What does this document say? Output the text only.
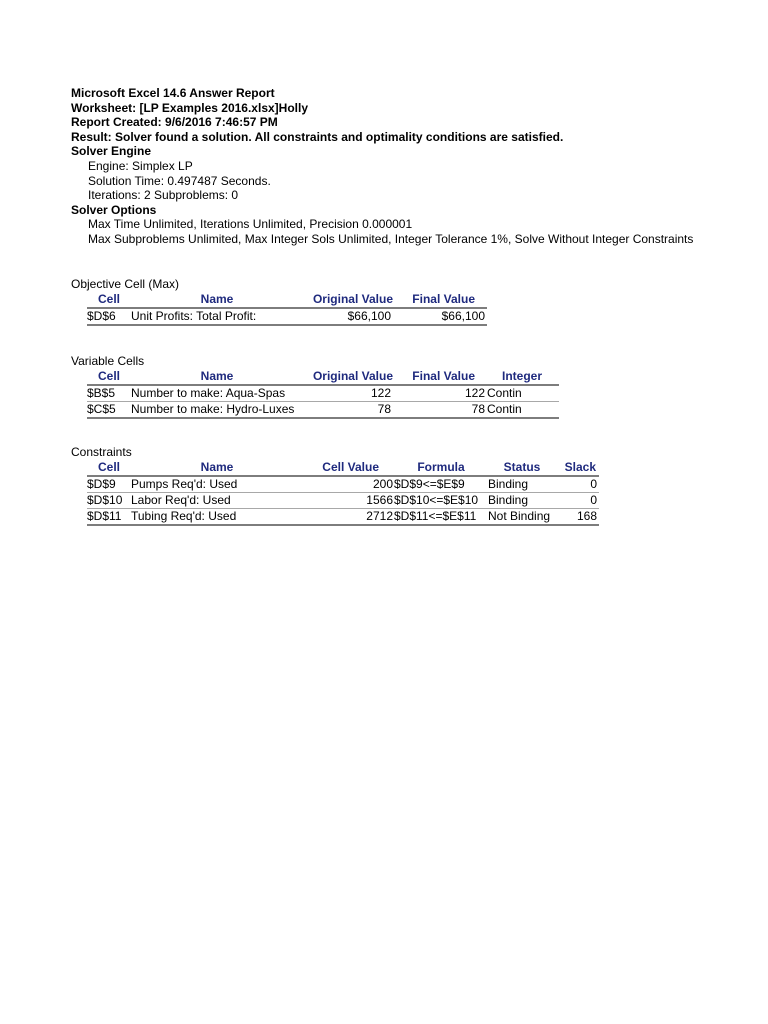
Microsoft Excel 14.6 Answer Report
Worksheet: [LP Examples 2016.xlsx]Holly
Report Created: 9/6/2016 7:46:57 PM
Result: Solver found a solution. All constraints and optimality conditions are satisfied.
Solver Engine
Engine: Simplex LP
Solution Time: 0.497487 Seconds.
Iterations: 2 Subproblems: 0
Solver Options
Max Time Unlimited, Iterations Unlimited, Precision 0.000001
Max Subproblems Unlimited, Max Integer Sols Unlimited, Integer Tolerance 1%, Solve Without Integer Constraints
Objective Cell (Max)
Cell	Name	Original Value	Final Value
$D$6	Unit Profits: Total Profit:	$66,100	$66,100
Variable Cells
Cell	Name	Original Value	Final Value	Integer
$B$5	Number to make: Aqua-Spas	122	122 Contin
$C$5	Number to make: Hydro-Luxes	78	78 Contin
Constraints
Cell	Name	Cell Value	Formula	Status	Slack
$D$9	Pumps Req'd: Used	200 $D$9<=$E$9	Binding	0
$D$10 Labor Req'd: Used	1566 $D$10<=$E$10 Binding	0
$D$11 Tubing Req'd: Used	2712 $D$11<=$E$11 Not Binding	168
